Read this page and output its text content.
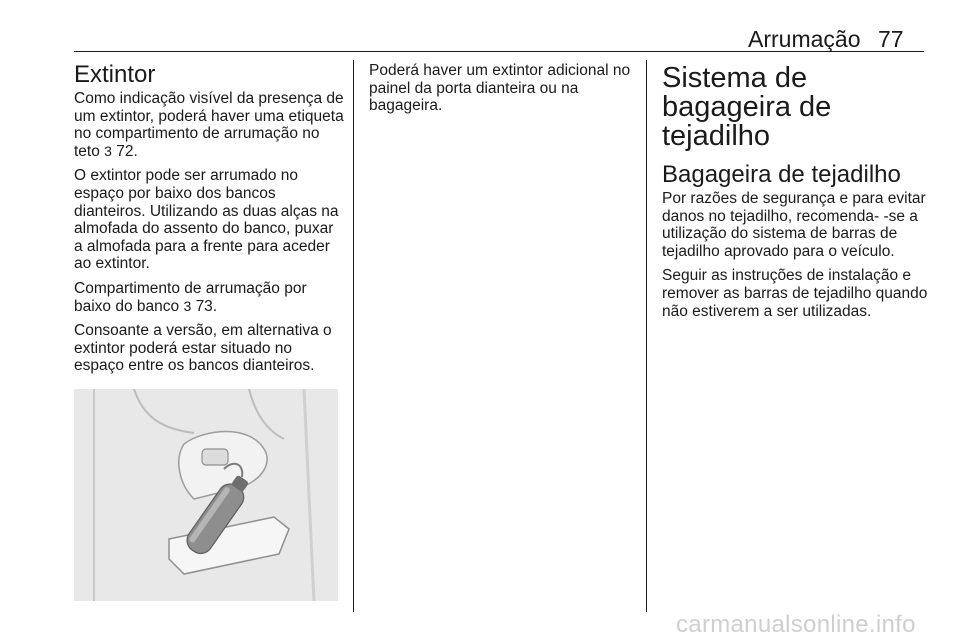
Arrumação 77
Extintor

Como indicação visível da presença de um extintor, poderá haver uma etiqueta no compartimento de arrumação no teto 3 72.

O extintor pode ser arrumado no espaço por baixo dos bancos dianteiros. Utilizando as duas alças na almofada do assento do banco, puxar a almofada para a frente para aceder ao extintor.

Compartimento de arrumação por baixo do banco 3 73.

Consoante a versão, em alternativa o extintor poderá estar situado no espaço entre os bancos dianteiros.

Poderá haver um extintor adicional no painel da porta dianteira ou na bagageira.

Sistema de bagageira de tejadilho
Bagageira de tejadilho

Por razões de segurança e para evitar danos no tejadilho, recomenda- -se a utilização do sistema de barras de tejadilho aprovado para o veículo.

Seguir as instruções de instalação e remover as barras de tejadilho quando não estiverem a ser utilizadas.

carmanualsonline.info
